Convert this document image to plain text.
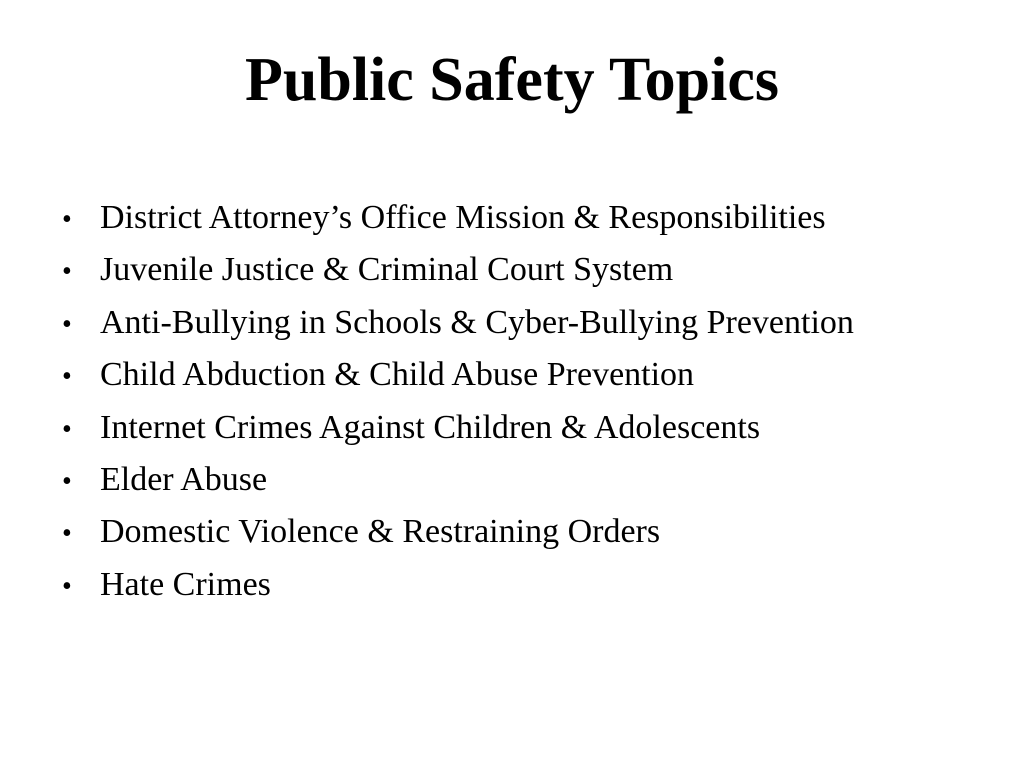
Public Safety Topics
• District Attorney’s Office Mission & Responsibilities
• Juvenile Justice & Criminal Court System
• Anti-Bullying in Schools & Cyber-Bullying Prevention
• Child Abduction & Child Abuse Prevention
• Internet Crimes Against Children & Adolescents
• Elder Abuse
• Domestic Violence & Restraining Orders
• Hate Crimes
